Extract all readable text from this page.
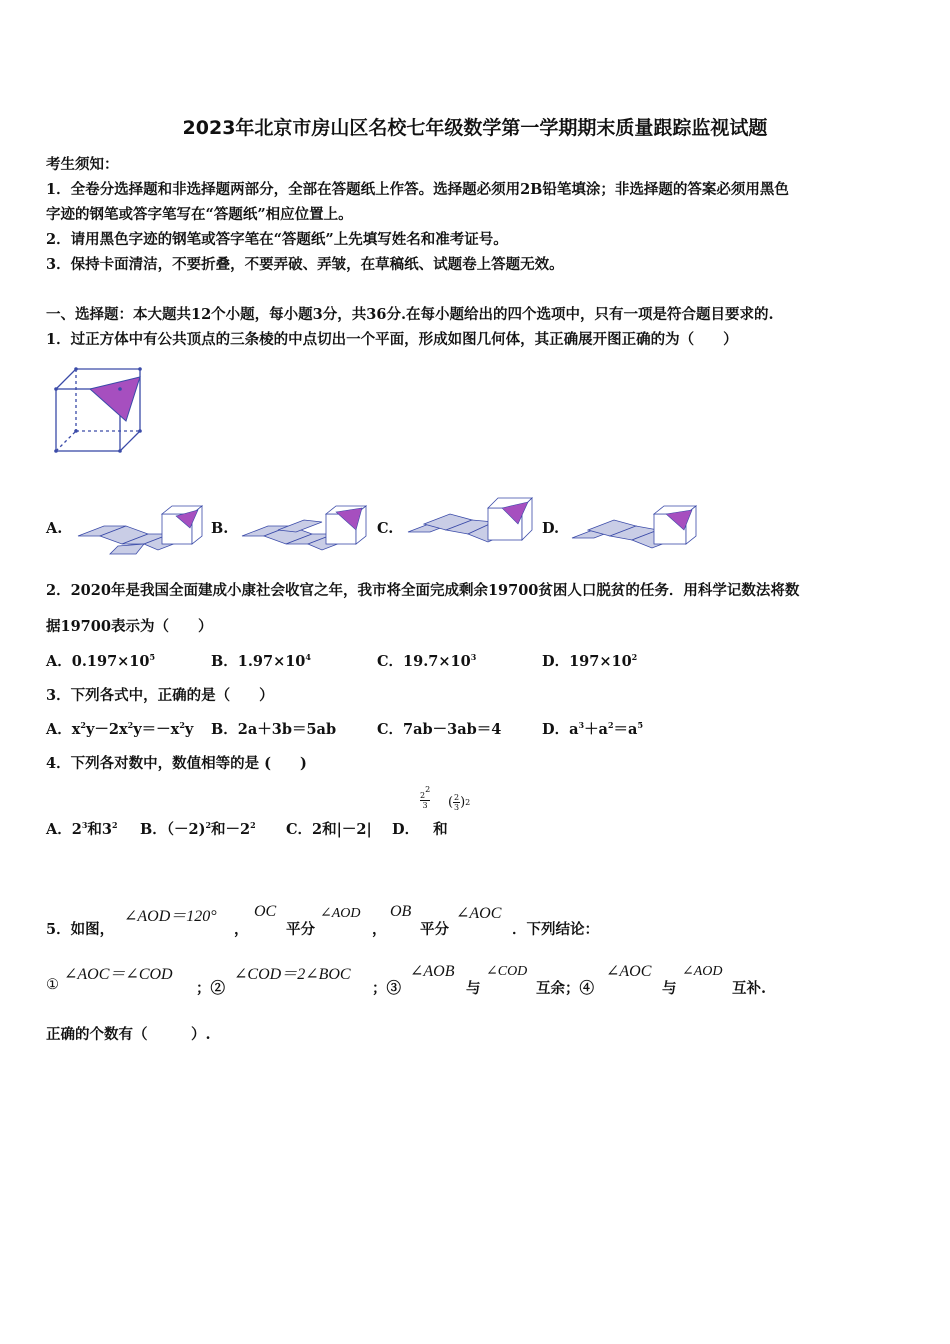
2023年北京市房山区名校七年级数学第一学期期末质量跟踪监视试题
考生须知：
1．全卷分选择题和非选择题两部分，全部在答题纸上作答。选择题必须用2B铅笔填涂；非选择题的答案必须用黑色
字迹的钢笔或答字笔写在“答题纸”相应位置上。
2．请用黑色字迹的钢笔或答字笔在“答题纸”上先填写姓名和准考证号。
3．保持卡面清洁，不要折叠，不要弄破、弄皱，在草稿纸、试题卷上答题无效。
一、选择题：本大题共12个小题，每小题3分，共36分.在每小题给出的四个选项中，只有一项是符合题目要求的.
1．过正方体中有公共顶点的三条棱的中点切出一个平面，形成如图几何体，其正确展开图正确的为（　　）
A.	B.	C.	D.
2．2020年是我国全面建成小康社会收官之年，我市将全面完成剩余19700贫困人口脱贫的任务．用科学记数法将数
据19700表示为（　　）
A．$0.197\times 10^5$	B．$1.97\times 10^4$	C．$19.7\times 10^3$	D．$197\times 10^2$
3．下列各式中，正确的是（　　）
A．$x^2y-2x^2y=-x^2y$ B．2a＋3b＝5ab	C．7ab－3ab＝4	D．$a^3+a^2=a^5$
4．下列各对数中，数值相等的是 (　　)
A．$2^3$和$3^2$ B．（－2)$^2$和$-2^2$ C．2和|－2| D． 和
$2^2$
3 ( 2
3 ) 2
5．如图，
∠AOD＝120°
，
OC
平分
∠AOD
，
OB
平分
∠AOC
．下列结论：
①
∠AOC＝∠COD
；②
∠COD＝2∠BOC
；③
∠AOB
与
∠COD
互余；④
∠AOC
与
∠AOD
互补.
正确的个数有（　　　）.
